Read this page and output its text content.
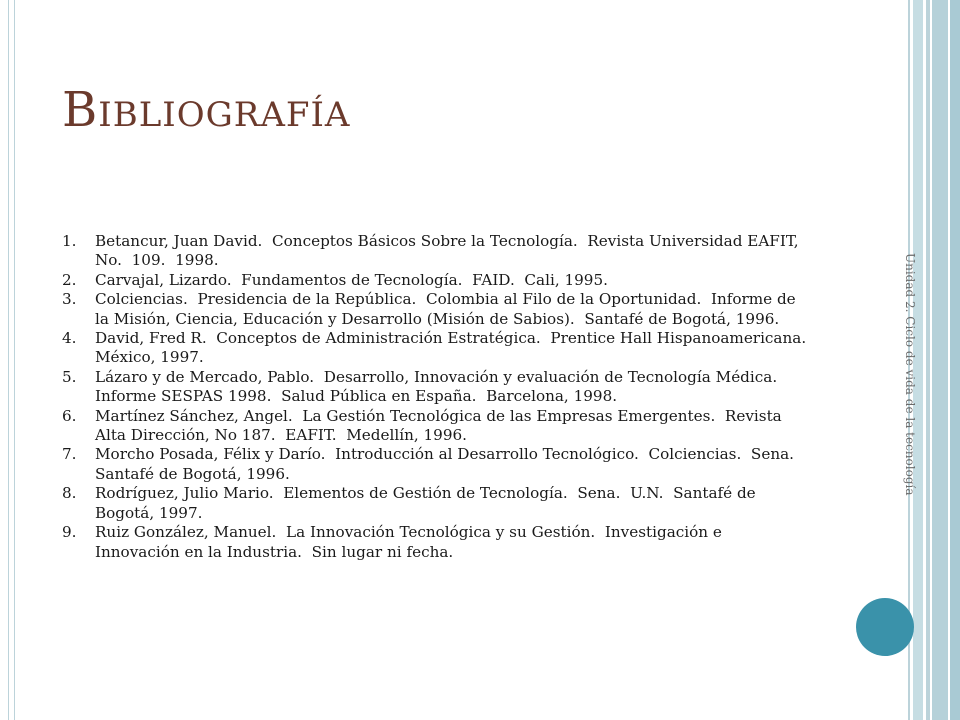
Bibliografía
1. Betancur, Juan David.  Conceptos Básicos Sobre la Tecnología.  Revista Universidad EAFIT,
No.  109.  1998.
2. Carvajal, Lizardo.  Fundamentos de Tecnología.  FAID.  Cali, 1995.
3. Colciencias.  Presidencia de la República.  Colombia al Filo de la Oportunidad.  Informe de
la Misión, Ciencia, Educación y Desarrollo (Misión de Sabios).  Santafé de Bogotá, 1996.
4. David, Fred R.  Conceptos de Administración Estratégica.  Prentice Hall Hispanoamericana.
México, 1997.
5. Lázaro y de Mercado, Pablo.  Desarrollo, Innovación y evaluación de Tecnología Médica.
Informe SESPAS 1998.  Salud Pública en España.  Barcelona, 1998.
6. Martínez Sánchez, Angel.  La Gestión Tecnológica de las Empresas Emergentes.  Revista
Alta Dirección, No 187.  EAFIT.  Medellín, 1996.
7. Morcho Posada, Félix y Darío.  Introducción al Desarrollo Tecnológico.  Colciencias.  Sena.
Santafé de Bogotá, 1996.
8. Rodríguez, Julio Mario.  Elementos de Gestión de Tecnología.  Sena.  U.N.  Santafé de
Bogotá, 1997.
9. Ruiz González, Manuel.  La Innovación Tecnológica y su Gestión.  Investigación e
Innovación en la Industria.  Sin lugar ni fecha.
Unidad 2. Ciclo de vida de la tecnología
